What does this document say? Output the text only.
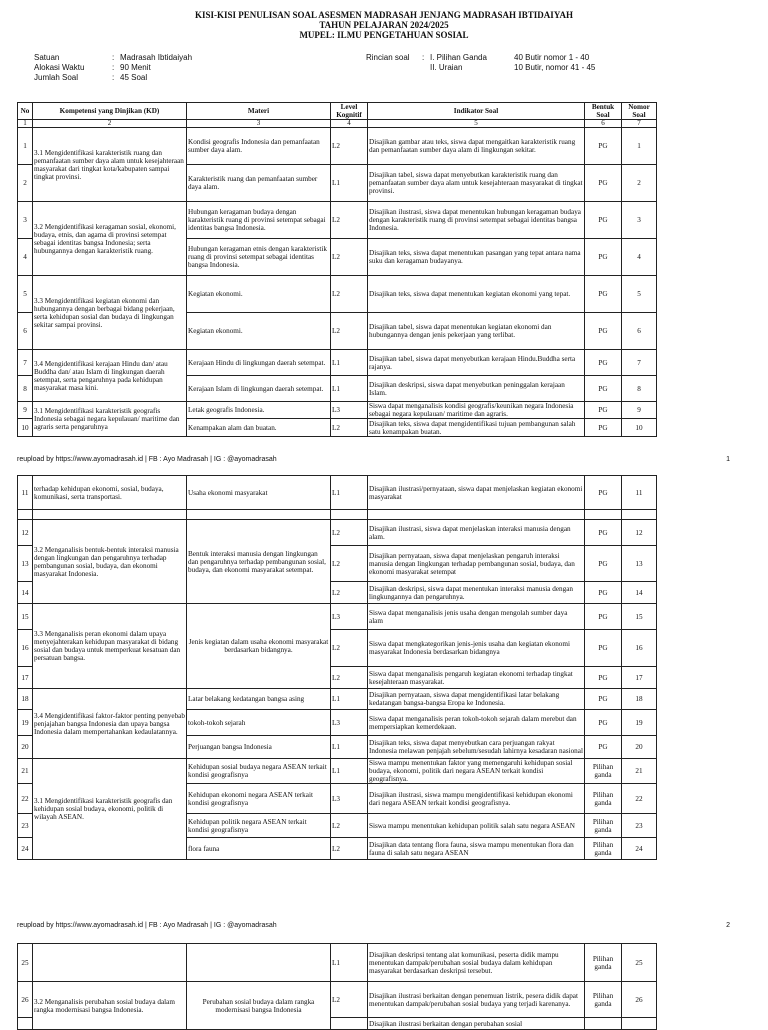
KISI-KISI PENULISAN SOAL ASESMEN MADRASAH JENJANG MADRASAH IBTIDAIYAH
TAHUN PELAJARAN 2024/2025
MUPEL: ILMU PENGETAHUAN SOSIAL
Satuan	: Madrasah Ibtidaiyah
Alokasi Waktu	: 90 Menit
Jumlah Soal	: 45 Soal
Rincian soal : I. Pilihan Ganda	40 Butir nomor 1 - 40
II. Uraian	10 Butir, nomor 41 - 45
No	Kompetensi yang Dinjikan (KD)	Materi	Level Kognitif	Indikator Soal	Bentuk Soal	Nomor Soal
1	2	3	4	5	6	7
1	3.1 Mengidentifikasi karakteristik ruang dan pemanfaatan sumber daya alam untuk kesejahteraan masyarakat dari tingkat kota/kabupaten sampai tingkat provinsi.	Kondisi geografis Indonesia dan pemanfaatan sumber daya alam.	L2	Disajikan gambar atau teks, siswa dapat mengaitkan karakteristik ruang dan pemanfaatan sumber daya alam di lingkungan sekitar.	PG	1
2		Karakteristik ruang dan pemanfaatan sumber daya alam.	L1	Disajikan tabel, siswa dapat menyebutkan karakteristik ruang dan pemanfaatan sumber daya alam untuk kesejahteraan masyarakat di tingkat provinsi.	PG	2
3	3.2 Mengidentifikasi keragaman sosial, ekonomi, budaya, etnis, dan agama di provinsi setempat sebagai identitas bangsa Indonesia; serta hubungannya dengan karakteristik ruang.	Hubungan keragaman budaya dengan karakteristik ruang di provinsi setempat sebagai identitas bangsa Indonesia.	L2	Disajikan ilustrasi, siswa dapat menentukan hubungan keragaman budaya dengan karakteristik ruang di provinsi setempat sebagai identitas bangsa Indonesia.	PG	3
4		Hubungan keragaman etnis dengan karakteristik ruang di provinsi setempat sebagai identitas bangsa Indonesia.	L2	Disajikan teks, siswa dapat menentukan pasangan yang tepat antara nama suku dan keragaman budayanya.	PG	4
5	3.3 Mengidentifikasi kegiatan ekonomi dan hubungannya dengan berbagai bidang pekerjaan, serta kehidupan sosial dan budaya di lingkungan sekitar sampai provinsi.	Kegiatan ekonomi.	L2	Disajikan teks, siswa dapat menentukan kegiatan ekonomi yang tepat.	PG	5
6		Kegiatan ekonomi.	L2	Disajikan tabel, siswa dapat menentukan kegiatan ekonomi dan hubungannya dengan jenis pekerjaan yang terlibat.	PG	6
7	3.4 Mengidentifikasi kerajaan Hindu dan/ atau Buddha dan/ atau Islam di lingkungan daerah setempat, serta pengaruhnya pada kehidupan masyarakat masa kini.	Kerajaan Hindu di lingkungan daerah setempat.	L1	Disajikan tabel, siswa dapat menyebutkan kerajaan Hindu.Buddha serta rajanya.	PG	7
8		Kerajaan Islam di lingkungan daerah setempat.	L1	Disajikan deskripsi, siswa dapat menyebutkan peninggalan kerajaan Islam.	PG	8
9	3.1 Mengidentifikasi karakteristik geografis Indonesia sebagai negara kepulauan/ maritime dan agraris serta pengaruhnya	Letak geografis Indonesia.	L3	Siswa dapat menganalisis kondisi geografis/keunikan negara Indonesia sebagai negara kepulauan/ maritime dan agraris.	PG	9
10		Kenampakan alam dan buatan.	L2	Disajikan teks, siswa dapat mengidentifikasi tujuan pembangunan salah satu kenampakan buatan.	PG	10
reupload by https://www.ayomadrasah.id | FB : Ayo Madrasah | IG : @ayomadrasah	1
11	terhadap kehidupan ekonomi, sosial, budaya, komunikasi, serta transportasi.	Usaha ekonomi masyarakat	L1	Disajikan ilustrasi/pernyataan, siswa dapat menjelaskan kegiatan ekonomi masyarakat	PG	11

12	3.2 Menganalisis bentuk-bentuk interaksi manusia dengan lingkungan dan pengaruhnya terhadap pembangunan sosial, budaya, dan ekonomi masyarakat Indonesia.	Bentuk interaksi manusia dengan lingkungan dan pengaruhnya terhadap pembangunan sosial, budaya, dan ekonomi masyarakat setempat.	L2	Disajikan ilustrasi, siswa dapat menjelaskan interaksi manusia dengan alam.	PG	12
13			L2	Disajikan pernyataan, siswa dapat menjelaskan pengaruh interaksi manusia dengan lingkungan terhadap pembangunan sosial, budaya, dan ekonomi masyarakat setempat	PG	13
14			L2	Disajikan deskripsi, siswa dapat menentukan interaksi manusia dengan lingkungannya dan pengaruhnya.	PG	14
15	3.3 Menganalisis peran ekonomi dalam upaya menyejahterakan kehidupan masyarakat di bidang sosial dan budaya untuk memperkuat kesatuan dan persatuan bangsa.	Jenis kegiatan dalam usaha ekonomi masyarakat berdasarkan bidangnya.	L3	Siswa dapat menganalisis jenis usaha dengan mengolah sumber daya alam	PG	15
16			L2	Siswa dapat mengkategorikan jenis-jenis usaha dan kegiatan ekonomi masyarakat Indonesia berdasarkan bidangnya	PG	16
17			L2	Siswa dapat menganalisis pengaruh kegiatan ekonomi terhadap tingkat kesejahteraan masyarakat.	PG	17
18	3.4 Mengidentifikasi faktor-faktor penting penyebab penjajahan bangsa Indonesia dan upaya bangsa Indonesia dalam mempertahankan kedaulatannya.	Latar belakang kedatangan bangsa asing	L1	Disajikan pernyataan, siswa dapat mengidentifikasi latar belakang kedatangan bangsa-bangsa Eropa ke Indonesia.	PG	18
19		tokoh-tokoh sejarah	L3	Siswa dapat menganalisis peran tokoh-tokoh sejarah dalam merebut dan mempersiapkan kemerdekaan.	PG	19
20		Perjuangan bangsa Indonesia	L1	Disajikan teks, siswa dapat menyebutkan cara perjuangan rakyat Indonesia melawan penjajah sebelum/sesudah lahirnya kesadaran nasional	PG	20
21	3.1 Mengidentifikasi karakteristik geografis dan kehidupan sosial budaya, ekonomi, politik di wilayah ASEAN.	Kehidupan sosial budaya negara ASEAN terkait kondisi geografisnya	L1	Siswa mampu menentukan faktor yang memengaruhi kehidupan sosial budaya, ekonomi, politik dari negara ASEAN terkait kondisi geografisnya.	Pilihan ganda	21
22		Kehidupan ekonomi negara ASEAN terkait kondisi geografisnya	L3	Disajikan ilustrasi, siswa mampu mengidentifikasi kehidupan ekonomi dari negara ASEAN terkait kondisi geografisnya.	Pilihan ganda	22
23		Kehidupan politik negara ASEAN terkait kondisi geografisnya	L2	Siswa mampu menentukan kehidupan politik salah satu negara ASEAN	Pilihan ganda	23
24		flora fauna	L2	Disajikan data tentang flora fauna, siswa mampu menentukan flora dan fauna di salah satu negara ASEAN	Pilihan ganda	24
reupload by https://www.ayomadrasah.id | FB : Ayo Madrasah | IG : @ayomadrasah	2
25			L1	Disajikan deskripsi tentang alat komunikasi, peserta didik mampu menentukan dampak/perubahan sosial budaya dalam kehidupan masyarakat berdasarkan deskripsi tersebut.	Pilihan ganda	25
26	3.2 Menganalisis perubahan sosial budaya dalam rangka modernisasi bangsa Indonesia.	Perubahan sosial budaya dalam rangka modernisasi bangsa Indonesia	L2	Disajikan ilustrasi berkaitan dengan penemuan listrik, pesera didik dapat menentukan dampak/perubahan sosial budaya yang terjadi karenanya.	Pilihan ganda	26
				Disajikan ilustrasi berkaitan dengan perubahan sosial		
